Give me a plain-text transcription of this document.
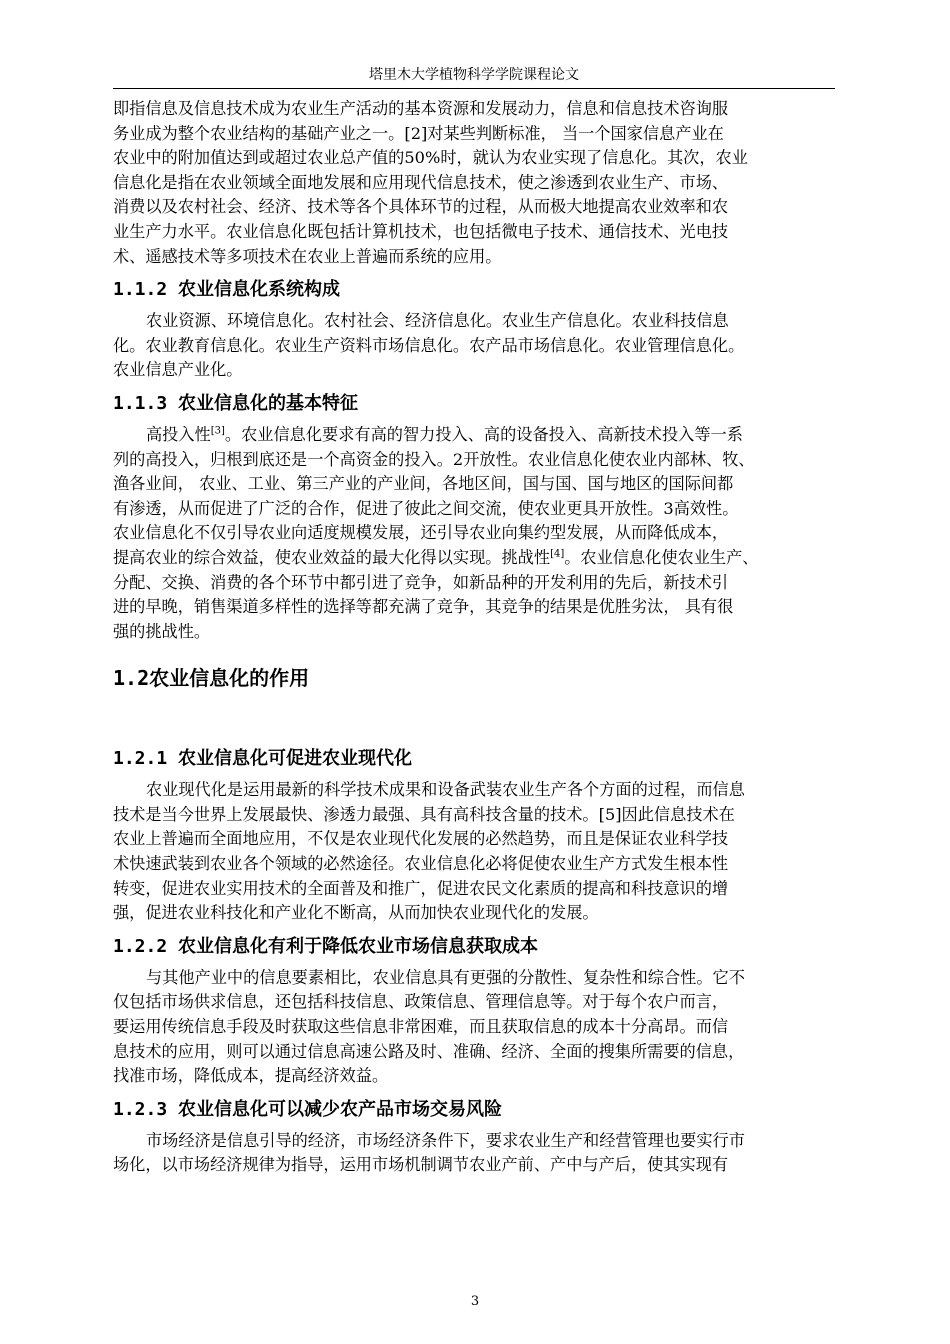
塔里木大学植物科学学院课程论文

即指信息及信息技术成为农业生产活动的基本资源和发展动力，信息和信息技术咨询服
务业成为整个农业结构的基础产业之一。[2]对某些判断标准， 当一个国家信息产业在
农业中的附加值达到或超过农业总产值的50%时，就认为农业实现了信息化。其次，农业
信息化是指在农业领域全面地发展和应用现代信息技术，使之渗透到农业生产、市场、
消费以及农村社会、经济、技术等各个具体环节的过程，从而极大地提高农业效率和农
业生产力水平。农业信息化既包括计算机技术，也包括微电子技术、通信技术、光电技
术、遥感技术等多项技术在农业上普遍而系统的应用。

1.1.2 农业信息化系统构成

农业资源、环境信息化。农村社会、经济信息化。农业生产信息化。农业科技信息
化。农业教育信息化。农业生产资料市场信息化。农产品市场信息化。农业管理信息化。
农业信息产业化。

1.1.3 农业信息化的基本特征

高投入性[3]。农业信息化要求有高的智力投入、高的设备投入、高新技术投入等一系
列的高投入，归根到底还是一个高资金的投入。2开放性。农业信息化使农业内部林、牧、
渔各业间， 农业、工业、第三产业的产业间，各地区间，国与国、国与地区的国际间都
有渗透，从而促进了广泛的合作，促进了彼此之间交流，使农业更具开放性。3高效性。
农业信息化不仅引导农业向适度规模发展，还引导农业向集约型发展，从而降低成本，
提高农业的综合效益，使农业效益的最大化得以实现。挑战性[4]。农业信息化使农业生产、
分配、交换、消费的各个环节中都引进了竞争，如新品种的开发利用的先后，新技术引
进的早晚，销售渠道多样性的选择等都充满了竞争，其竞争的结果是优胜劣汰， 具有很
强的挑战性。

1.2农业信息化的作用
1.2.1 农业信息化可促进农业现代化

农业现代化是运用最新的科学技术成果和设备武装农业生产各个方面的过程，而信息
技术是当今世界上发展最快、渗透力最强、具有高科技含量的技术。[5]因此信息技术在
农业上普遍而全面地应用，不仅是农业现代化发展的必然趋势，而且是保证农业科学技
术快速武装到农业各个领域的必然途径。农业信息化必将促使农业生产方式发生根本性
转变，促进农业实用技术的全面普及和推广，促进农民文化素质的提高和科技意识的增
强，促进农业科技化和产业化不断高，从而加快农业现代化的发展。

1.2.2 农业信息化有利于降低农业市场信息获取成本

与其他产业中的信息要素相比，农业信息具有更强的分散性、复杂性和综合性。它不
仅包括市场供求信息，还包括科技信息、政策信息、管理信息等。对于每个农户而言，
要运用传统信息手段及时获取这些信息非常困难，而且获取信息的成本十分高昂。而信
息技术的应用，则可以通过信息高速公路及时、准确、经济、全面的搜集所需要的信息，
找准市场，降低成本，提高经济效益。

1.2.3 农业信息化可以减少农产品市场交易风险

市场经济是信息引导的经济，市场经济条件下，要求农业生产和经营管理也要实行市
场化，以市场经济规律为指导，运用市场机制调节农业产前、产中与产后，使其实现有

3
